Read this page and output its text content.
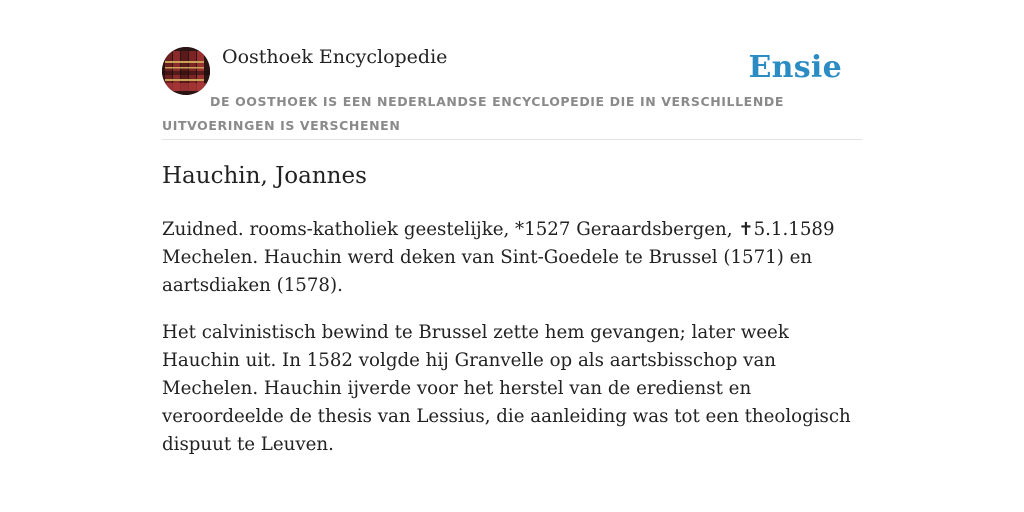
Oosthoek Encyclopedie	Ensie
DE OOSTHOEK IS EEN NEDERLANDSE ENCYCLOPEDIE DIE IN VERSCHILLENDE UITVOERINGEN IS VERSCHENEN
Hauchin, Joannes

Zuidned. rooms-katholiek geestelijke, *1527 Geraardsbergen, ✝5.1.1589 Mechelen. Hauchin werd deken van Sint-Goedele te Brussel (1571) en aartsdiaken (1578).

Het calvinistisch bewind te Brussel zette hem gevangen; later week Hauchin uit. In 1582 volgde hij Granvelle op als aartsbisschop van Mechelen. Hauchin ijverde voor het herstel van de eredienst en veroordeelde de thesis van Lessius, die aanleiding was tot een theologisch dispuut te Leuven.
